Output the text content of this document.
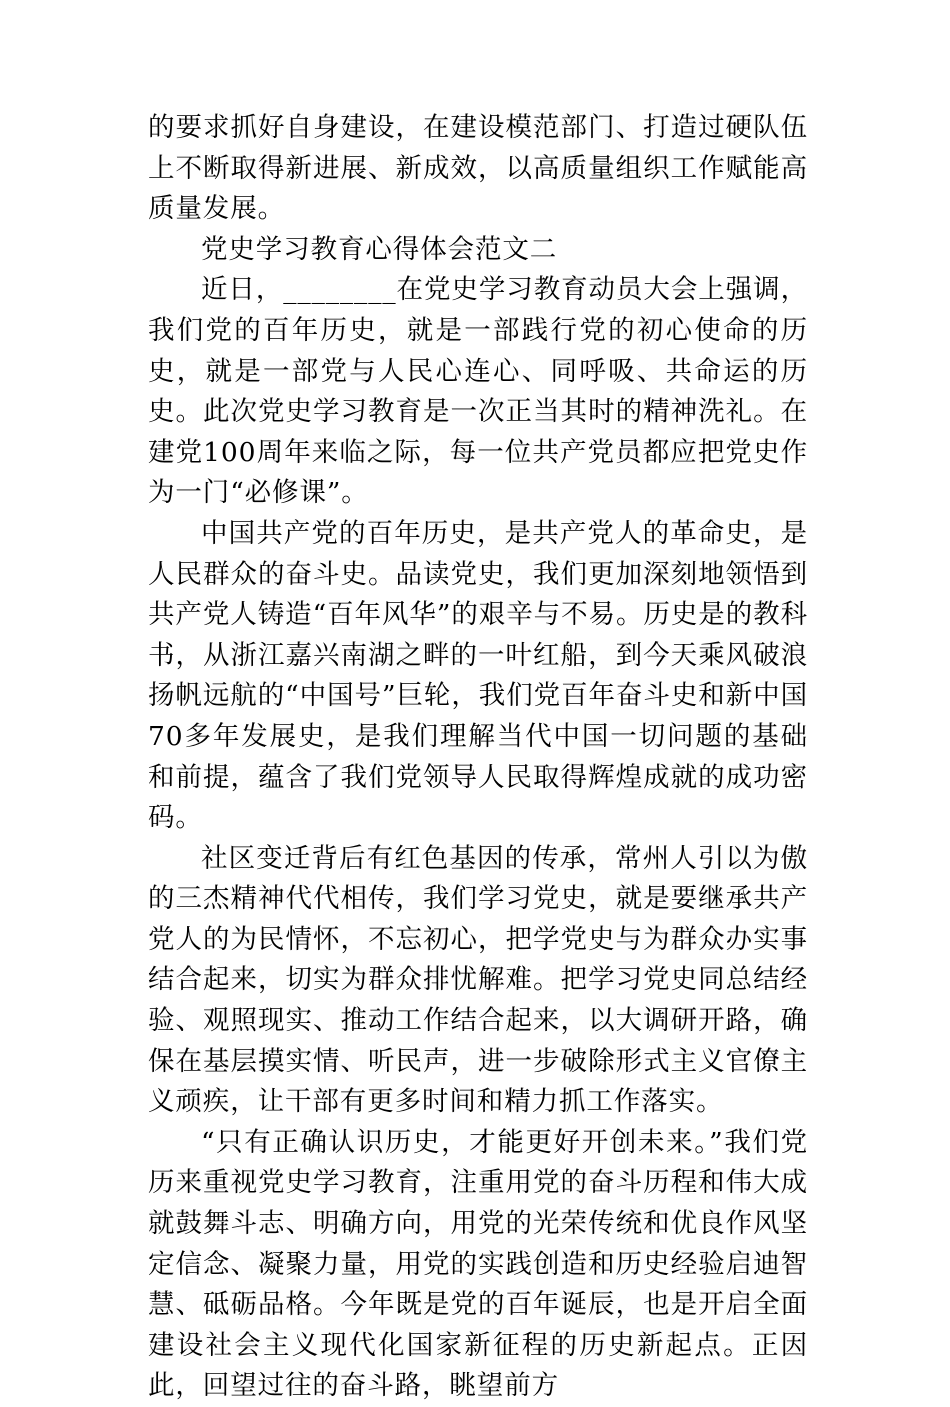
的要求抓好自身建设，在建设模范部门、打造过硬队伍上不断取得新进展、新成效，以高质量组织工作赋能高质量发展。

党史学习教育心得体会范文二

近日，________在党史学习教育动员大会上强调，我们党的百年历史，就是一部践行党的初心使命的历史，就是一部党与人民心连心、同呼吸、共命运的历史。此次党史学习教育是一次正当其时的精神洗礼。在建党100周年来临之际，每一位共产党员都应把党史作为一门“必修课”。

中国共产党的百年历史，是共产党人的革命史，是人民群众的奋斗史。品读党史，我们更加深刻地领悟到共产党人铸造“百年风华”的艰辛与不易。历史是的教科书，从浙江嘉兴南湖之畔的一叶红船，到今天乘风破浪扬帆远航的“中国号”巨轮，我们党百年奋斗史和新中国70多年发展史，是我们理解当代中国一切问题的基础和前提，蕴含了我们党领导人民取得辉煌成就的成功密码。

社区变迁背后有红色基因的传承，常州人引以为傲的三杰精神代代相传，我们学习党史，就是要继承共产党人的为民情怀，不忘初心，把学党史与为群众办实事结合起来，切实为群众排忧解难。把学习党史同总结经验、观照现实、推动工作结合起来，以大调研开路，确保在基层摸实情、听民声，进一步破除形式主义官僚主义顽疾，让干部有更多时间和精力抓工作落实。

“只有正确认识历史，才能更好开创未来。”我们党历来重视党史学习教育，注重用党的奋斗历程和伟大成就鼓舞斗志、明确方向，用党的光荣传统和优良作风坚定信念、凝聚力量，用党的实践创造和历史经验启迪智慧、砥砺品格。今年既是党的百年诞辰，也是开启全面建设社会主义现代化国家新征程的历史新起点。正因此，回望过往的奋斗路，眺望前方
